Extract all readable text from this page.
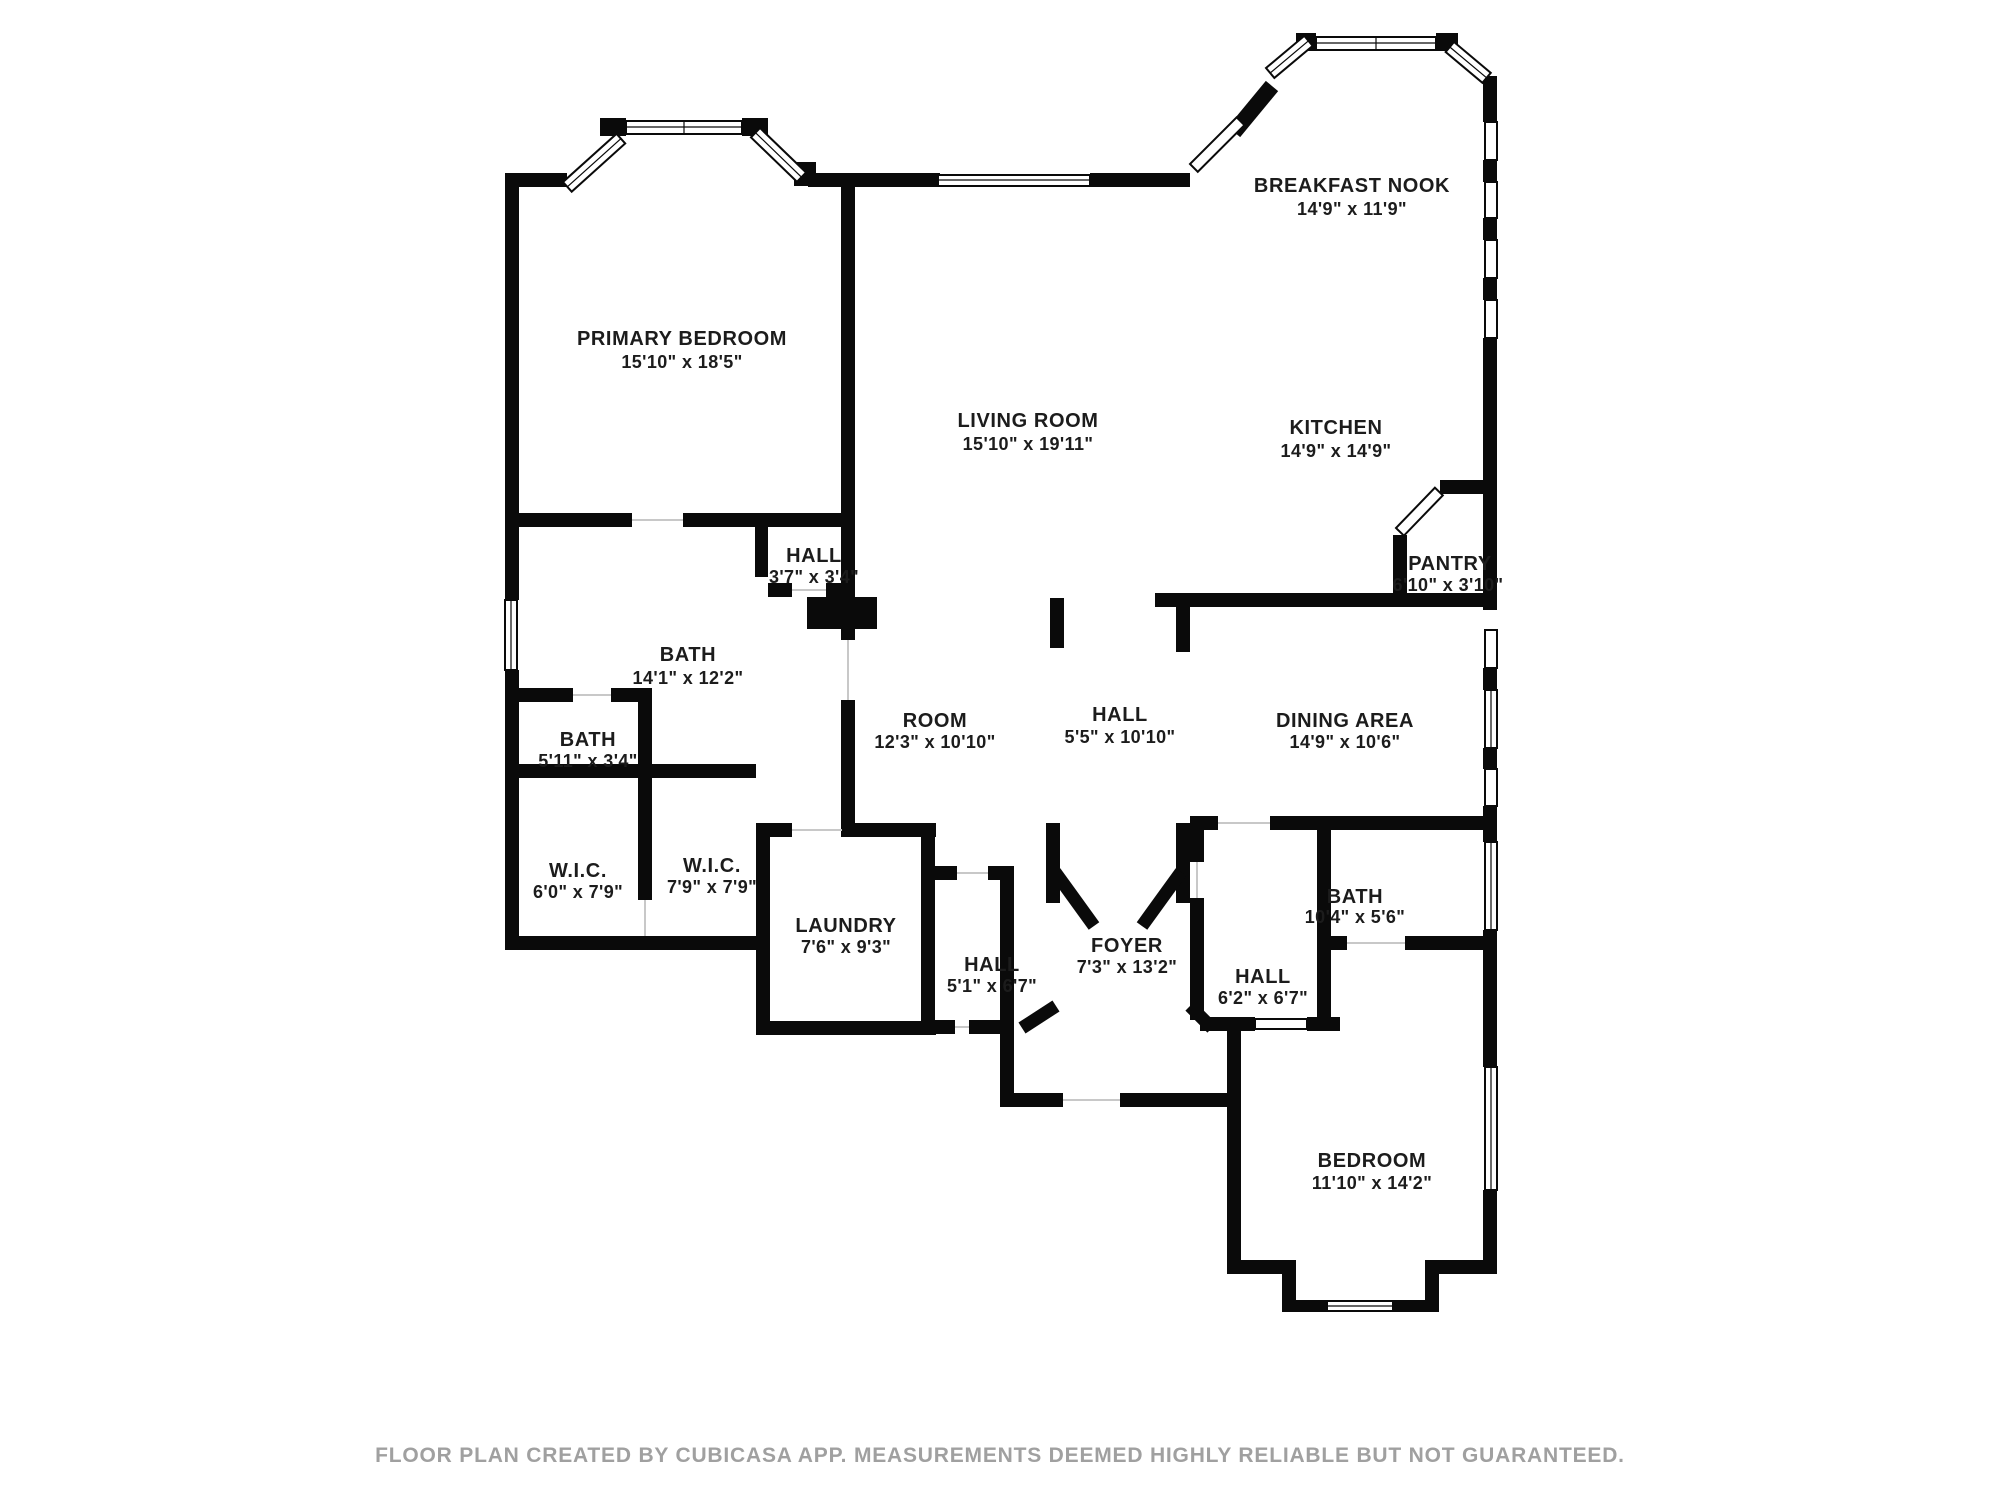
BREAKFAST NOOK
14'9" x 11'9"
PRIMARY BEDROOM
15'10" x 18'5"
LIVING ROOM
15'10" x 19'11"
KITCHEN
14'9" x 14'9"
HALL
3'7" x 3'4"
PANTRY
6'10" x 3'10"
BATH
14'1" x 12'2"
BATH
5'11" x 3'4"
ROOM
12'3" x 10'10"
HALL
5'5" x 10'10"
DINING AREA
14'9" x 10'6"
W.I.C.
6'0" x 7'9"
W.I.C.
7'9" x 7'9"
LAUNDRY
7'6" x 9'3"
HALL
5'1" x 6'7"
FOYER
7'3" x 13'2"	HALL
6'2" x 6'7"
BATH
10'4" x 5'6"
BEDROOM
11'10" x 14'2"
FLOOR PLAN CREATED BY CUBICASA APP. MEASUREMENTS DEEMED HIGHLY RELIABLE BUT NOT GUARANTEED.
